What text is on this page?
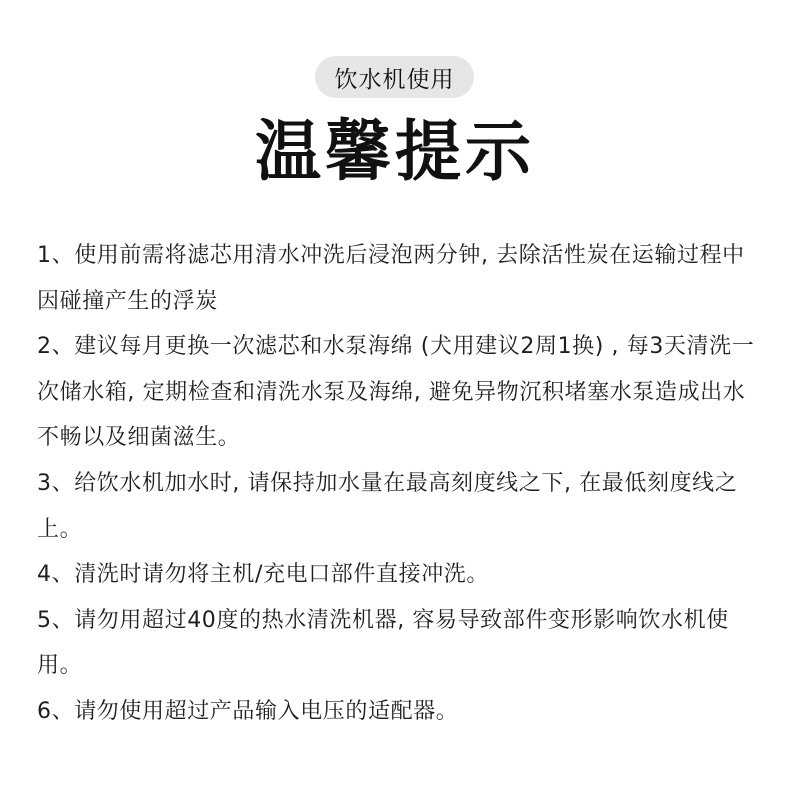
饮水机使用
温馨提示
1、使用前需将滤芯用清水冲洗后浸泡两分钟, 去除活性炭在运输过程中因碰撞产生的浮炭
2、建议每月更换一次滤芯和水泵海绵 (犬用建议2周1换) , 每3天清洗一次储水箱, 定期检查和清洗水泵及海绵, 避免异物沉积堵塞水泵造成出水不畅以及细菌滋生。
3、给饮水机加水时, 请保持加水量在最高刻度线之下, 在最低刻度线之上。
4、清洗时请勿将主机/充电口部件直接冲洗。
5、请勿用超过40度的热水清洗机器, 容易导致部件变形影响饮水机使用。
6、请勿使用超过产品输入电压的适配器。
